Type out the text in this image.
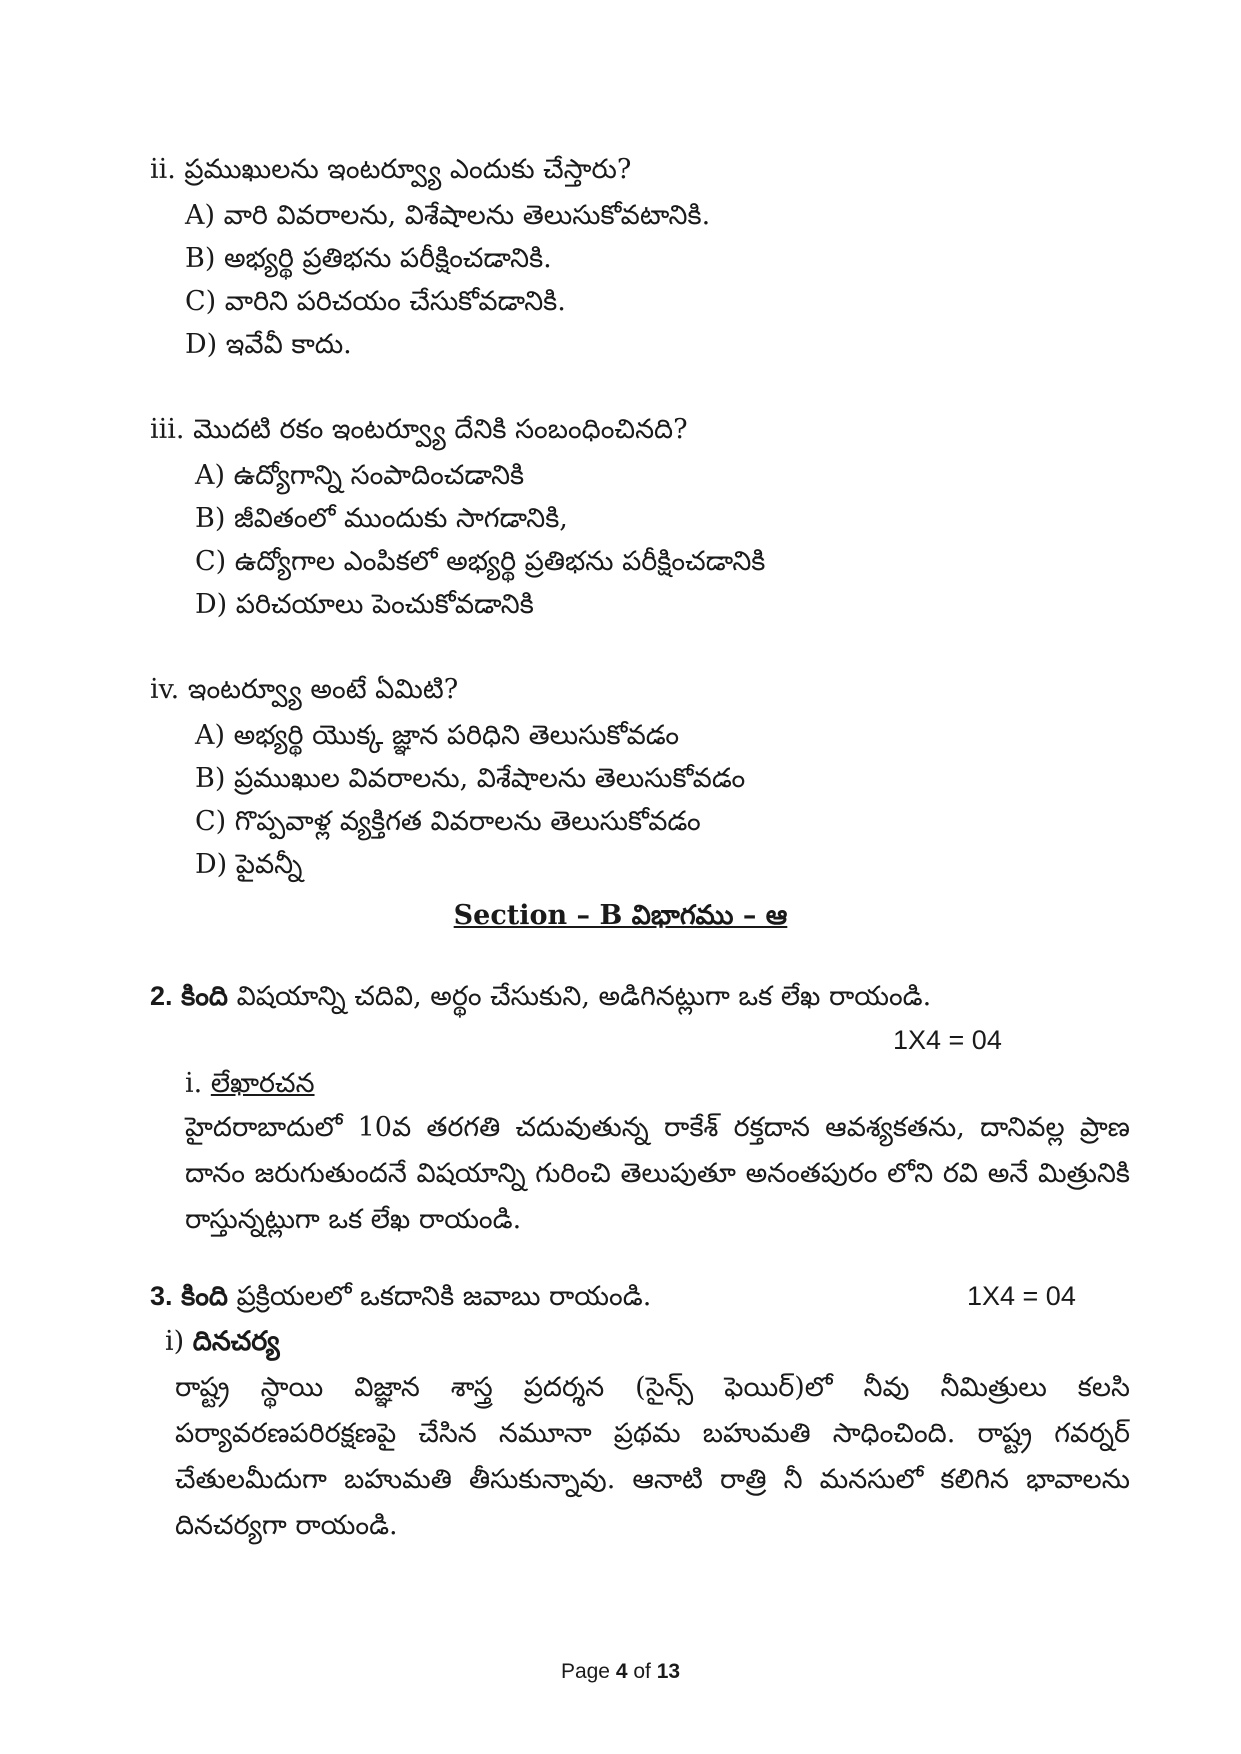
ii. ప్రముఖులను ఇంటర్వ్యూ ఎందుకు చేస్తారు?
A) వారి వివరాలను, విశేషాలను తెలుసుకోవటానికి.
B) అభ్యర్థి ప్రతిభను పరీక్షించడానికి.
C) వారిని పరిచయం చేసుకోవడానికి.
D) ఇవేవీ కాదు.
iii. మొదటి రకం ఇంటర్వ్యూ దేనికి సంబంధించినది?
A) ఉద్యోగాన్ని సంపాదించడానికి
B) జీవితంలో ముందుకు సాగడానికి,
C) ఉద్యోగాల ఎంపికలో అభ్యర్థి ప్రతిభను పరీక్షించడానికి
D) పరిచయాలు పెంచుకోవడానికి
iv. ఇంటర్వ్యూ అంటే ఏమిటి?
A) అభ్యర్థి యొక్క జ్ఞాన పరిధిని తెలుసుకోవడం
B) ప్రముఖుల వివరాలను, విశేషాలను తెలుసుకోవడం
C) గొప్పవాళ్ల వ్యక్తిగత వివరాలను తెలుసుకోవడం
D) పైవన్నీ
Section – B విభాగము – ఆ
2. కింది విషయాన్ని చదివి, అర్థం చేసుకుని, అడిగినట్లుగా ఒక లేఖ రాయండి.
1X4 = 04
i. లేఖారచన
హైదరాబాదులో 10వ తరగతి చదువుతున్న రాకేశ్ రక్తదాన ఆవశ్యకతను, దానివల్ల ప్రాణ దానం జరుగుతుందనే విషయాన్ని గురించి తెలుపుతూ అనంతపురం లోని రవి అనే మిత్రునికి రాస్తున్నట్లుగా ఒక లేఖ రాయండి.
3. కింది ప్రక్రియలలో ఒకదానికి జవాబు రాయండి.	1X4 = 04
i) దినచర్య
రాష్ట్ర స్థాయి విజ్ఞాన శాస్త్ర ప్రదర్శన (సైన్స్ ఫెయిర్)లో నీవు నీమిత్రులు కలసి పర్యావరణపరిరక్షణపై చేసిన నమూనా ప్రథమ బహుమతి సాధించింది. రాష్ట్ర గవర్నర్ చేతులమీదుగా బహుమతి తీసుకున్నావు. ఆనాటి రాత్రి నీ మనసులో కలిగిన భావాలను దినచర్యగా రాయండి.
Page 4 of 13
